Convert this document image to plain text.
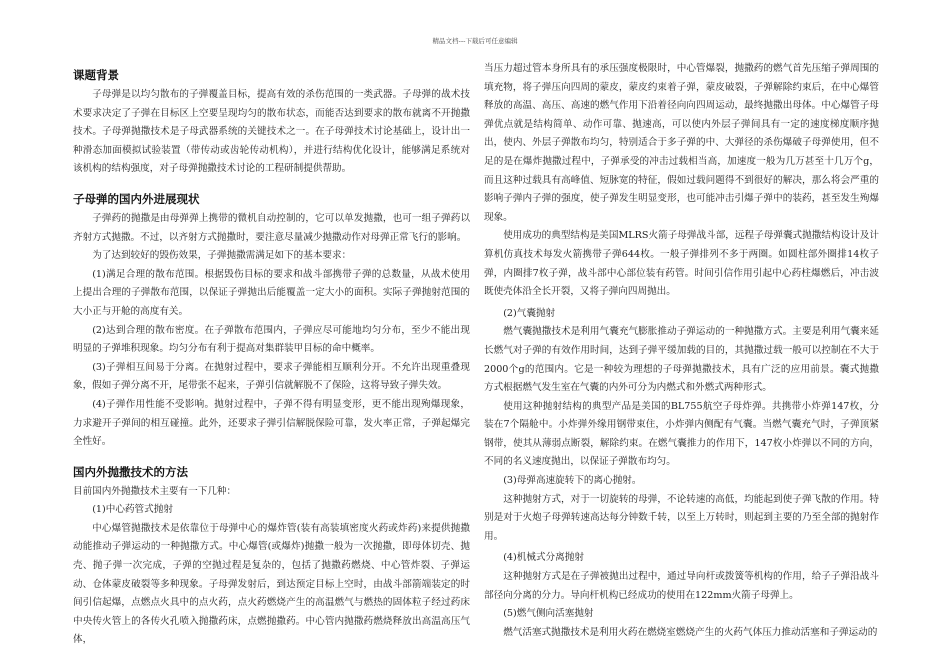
精品文档---下载后可任意编辑
课题背景

子母弹是以均匀散布的子弹覆盖目标，提高有效的杀伤范围的一类武器。子母弹的战术技术要求决定了子弹在目标区上空要呈现均匀的散布状态，而能否达到要求的散布就离不开抛撒技术。子母弹抛撒技术是子母武器系统的关键技术之一。在子母弹技术讨论基础上，设计出一种滑态加面模拟试验装置（带传动或齿轮传动机构），并进行结构优化设计，能够满足系统对该机构的结构强度，对子母弹抛撒技术讨论的工程研制提供帮助。

子母弹的国内外进展现状

子弹药的抛撒是由母弹弹上携带的微机自动控制的，它可以单发抛撒，也可一组子弹药以齐射方式抛撒。不过，以齐射方式抛撒时，要注意尽量减少抛撒动作对母弹正常飞行的影响。

为了达到较好的毁伤效果，子弹抛撒需满足如下的基本要求：

(1)满足合理的散布范围。根据毁伤目标的要求和战斗部携带子弹的总数量，从战术使用上提出合理的子弹散布范围，以保证子弹抛出后能覆盖一定大小的面积。实际子弹抛射范围的大小正与开舱的高度有关。

(2)达到合理的散布密度。在子弹散布范围内，子弹应尽可能地均匀分布，至少不能出现明显的子弹堆积现象。均匀分布有利于提高对集群装甲目标的命中概率。

(3)子弹相互间易于分离。在抛射过程中，要求子弹能相互顺利分开。不允许出现重叠现象，假如子弹分离不开，尾带张不起来，子弹引信就解脱不了保险，这将导致子弹失效。

(4)子弹作用性能不受影响。抛射过程中，子弹不得有明显变形，更不能出现殉爆现象，力求避开子弹间的相互碰撞。此外，还要求子弹引信解脱保险可靠，发火率正常，子弹起爆完全性好。

国内外抛撒技术的方法

目前国内外抛撒技术主要有一下几种：

(1)中心药管式抛射

中心爆管抛撒技术是依靠位于母弹中心的爆炸管(装有高装填密度火药或炸药)来提供抛撒动能推动子弹运动的一种抛撒方式。中心爆管(或爆炸)抛撒一般为一次抛撒，即母体切壳、抛壳、抛子弹一次完成，子弹的空抛过程是复杂的，包括了抛撒药燃烧、中心管炸裂、子弹运动、仓体蒙皮破裂等多种现象。子母弹发射后，到达预定目标上空时，由战斗部箭端装定的时间引信起爆，点燃点火具中的点火药，点火药燃烧产生的高温燃气与燃热的固体粒子经过药床中央传火管上的各传火孔喷入抛撒药床，点燃抛撒药。中心管内抛撒药燃烧释放出高温高压气体，

当压力超过管本身所具有的承压强度极限时，中心管爆裂，抛撒药的燃气首先压缩子弹周围的填充物，将子弹压向四周的蒙皮，蒙皮约束着子弹，蒙皮破裂，子弹解除约束后，在中心爆管释放的高温、高压、高速的燃气作用下沿着径向向四周运动，最终抛撒出母体。中心爆管子母弹优点就是结构简单、动作可靠、抛速高，可以使内外层子弹间具有一定的速度梯度顺序抛出，使内、外层子弹散布均匀，特别适合于多子弹的中、大弹径的杀伤爆破子母弹使用，但不足的是在爆炸抛撒过程中，子弹承受的冲击过载相当高，加速度一般为几万甚至十几万个g，而且这种过载具有高峰值、短脉宽的特征，假如过载问题得不到很好的解决，那么将会严重的影响子弹内子弹的强度，使子弹发生明显变形，也可能冲击引爆子弹中的装药，甚至发生殉爆现象。

使用成功的典型结构是美国MLRS火箭子母弹战斗部，远程子母弹囊式抛撒结构设计及计算机仿真技术每发火箭携带子弹644枚。一般子弹排列不多于两圈。如圆柱部外圈排14枚子弹，内圈排7枚子弹，战斗部中心部位装有药管。时间引信作用引起中心药柱爆燃后，冲击波既使壳体沿全长开裂，又将子弹向四周抛出。

(2)气囊抛射

燃气囊抛撒技术是利用气囊充气膨胀推动子弹运动的一种抛撒方式。主要是利用气囊来延长燃气对子弹的有效作用时间，达到子弹平缓加载的目的，其抛撒过载一般可以控制在不大于2000个g的范围内。它是一种较为理想的子母弹抛撒技术，具有广泛的应用前景。囊式抛撒方式根据燃气发生室在气囊的内外可分为内燃式和外燃式两种形式。

使用这种抛射结构的典型产品是美国的BL755航空子母炸弹。共携带小炸弹147枚，分装在7个隔舱中。小炸弹外缘用钢带束住，小炸弹内侧配有气囊。当燃气囊充气时，子弹顶紧钢带，使其从薄弱点断裂，解除约束。在燃气囊推力的作用下，147枚小炸弹以不同的方向，不同的名义速度抛出，以保证子弹散布均匀。

(3)母弹高速旋转下的离心抛射。

这种抛射方式，对于一切旋转的母弹，不论转速的高低，均能起到使子弹飞散的作用。特别是对于火炮子母弹转速高达每分钟数千转，以至上万转时，则起到主要的乃至全部的抛射作用。

(4)机械式分离抛射

这种抛射方式是在子弹被抛出过程中，通过导向杆或拨簧等机构的作用，给子子弹沿战斗部径向分离的分力。导向杆机构已经成功的使用在122mm火箭子母弹上。

(5)燃气侧向活塞抛射

燃气活塞式抛撒技术是利用火药在燃烧室燃烧产生的火药气体压力推动活塞和子弹运动的
